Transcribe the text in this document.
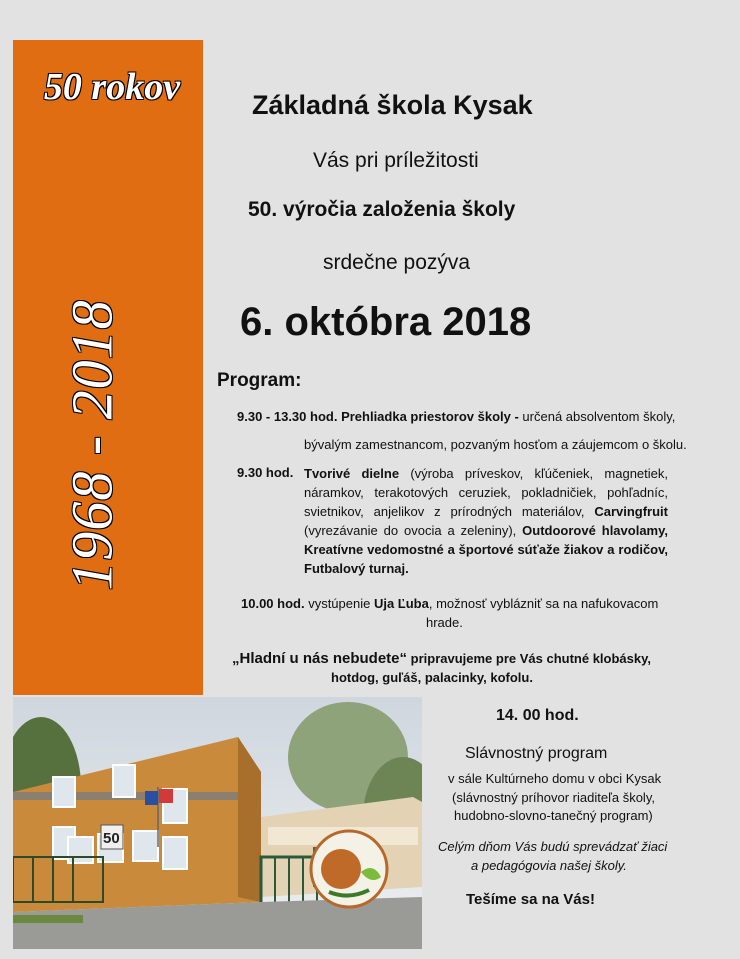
50 rokov
1968 - 2018
Základná škola Kysak
Vás pri príležitosti
50. výročia založenia školy
srdečne pozýva
6. októbra 2018
Program:
9.30 - 13.30 hod. Prehliadka priestorov školy - určená absolventom školy,
bývalým zamestnancom, pozvaným hosťom a záujemcom o školu.
9.30 hod. Tvorivé dielne (výroba príveskov, kľúčeniek, magnetiek, náramkov, terakotových ceruziek, pokladničiek, pohľadníc, svietnikov, anjelikov z prírodných materiálov, Carvingfruit (vyrezávanie do ovocia a zeleniny), Outdoorové hlavolamy, Kreatívne vedomostné a športové súťaže žiakov a rodičov, Futbalový turnaj.
10.00 hod. vystúpenie Uja Ľuba, možnosť vyblázniť sa na nafukovacom
hrade.
„Hladní u nás nebudete“ pripravujeme pre Vás chutné klobásky,
hotdog, guľáš, palacinky, kofolu.
14. 00 hod.
Slávnostný program
v sále Kultúrneho domu v obci Kysak
(slávnostný príhovor riaditeľa školy,
hudobno-slovno-tanečný program)
Celým dňom Vás budú sprevádzať žiaci
a pedagógovia našej školy.
Tešíme sa na Vás!
50
